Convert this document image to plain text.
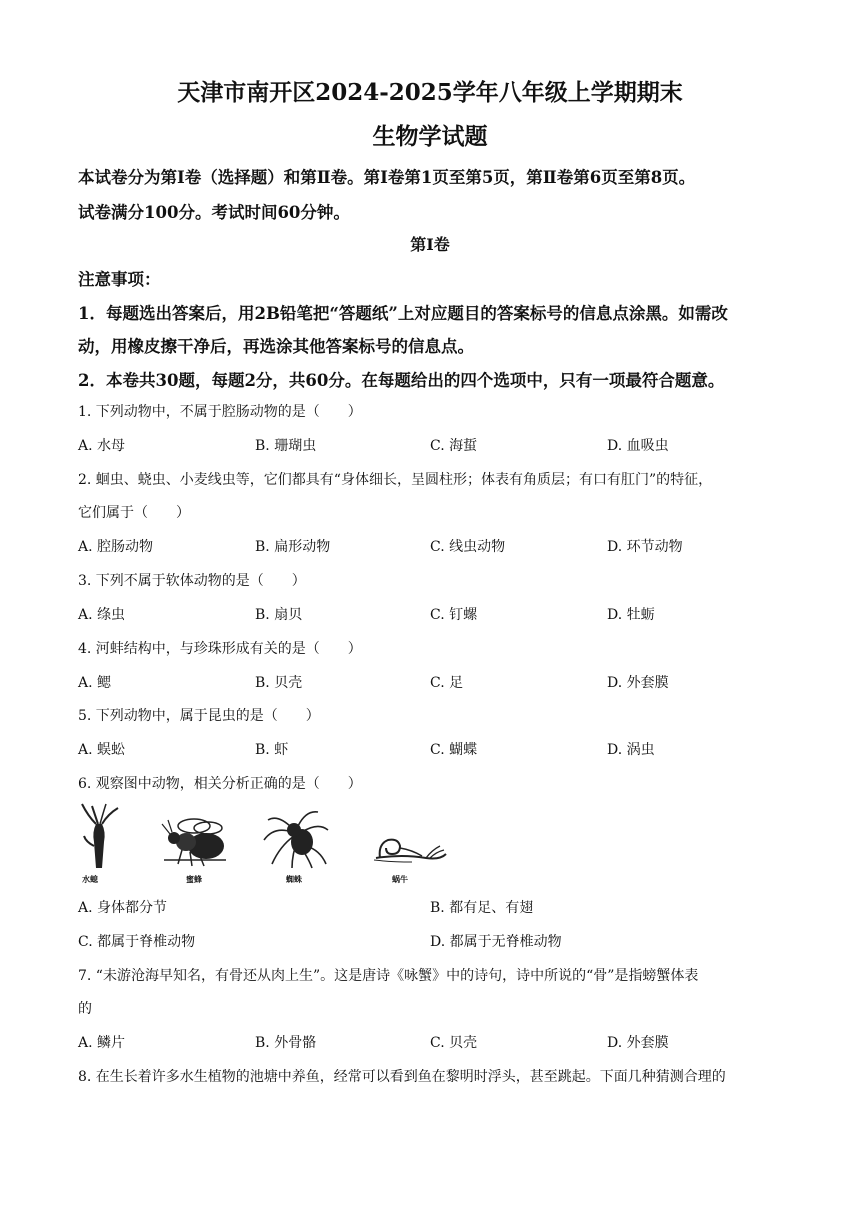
天津市南开区2024-2025学年八年级上学期期末
生物学试题
本试卷分为第Ⅰ卷（选择题）和第Ⅱ卷。第Ⅰ卷第1页至第5页，第Ⅱ卷第6页至第8页。
试卷满分100分。考试时间60分钟。
第Ⅰ卷
注意事项：
1．每题选出答案后，用2B铅笔把“答题纸”上对应题目的答案标号的信息点涂黑。如需改
动，用橡皮擦干净后，再选涂其他答案标号的信息点。
2．本卷共30题，每题2分，共60分。在每题给出的四个选项中，只有一项最符合题意。
1. 下列动物中，不属于腔肠动物的是（　　）
A. 水母	B. 珊瑚虫	C. 海蜇	D. 血吸虫
2. 蛔虫、蛲虫、小麦线虫等，它们都具有“身体细长，呈圆柱形；体表有角质层；有口有肛门”的特征，
它们属于（　　）
A. 腔肠动物	B. 扁形动物	C. 线虫动物	D. 环节动物
3. 下列不属于软体动物的是（　　）
A. 绦虫	B. 扇贝	C. 钉螺	D. 牡蛎
4. 河蚌结构中，与珍珠形成有关的是（　　）
A. 鳃	B. 贝壳	C. 足	D. 外套膜
5. 下列动物中，属于昆虫的是（　　）
A. 蜈蚣	B. 虾	C. 蝴蝶	D. 涡虫
6. 观察图中动物，相关分析正确的是（　　）
水螅	蜜蜂	蜘蛛	蜗牛
A. 身体都分节	B. 都有足、有翅
C. 都属于脊椎动物	D. 都属于无脊椎动物
7. “未游沧海早知名，有骨还从肉上生”。这是唐诗《咏蟹》中的诗句，诗中所说的“骨”是指螃蟹体表
的
A. 鳞片	B. 外骨骼	C. 贝壳	D. 外套膜
8. 在生长着许多水生植物的池塘中养鱼，经常可以看到鱼在黎明时浮头，甚至跳起。下面几种猜测合理的
